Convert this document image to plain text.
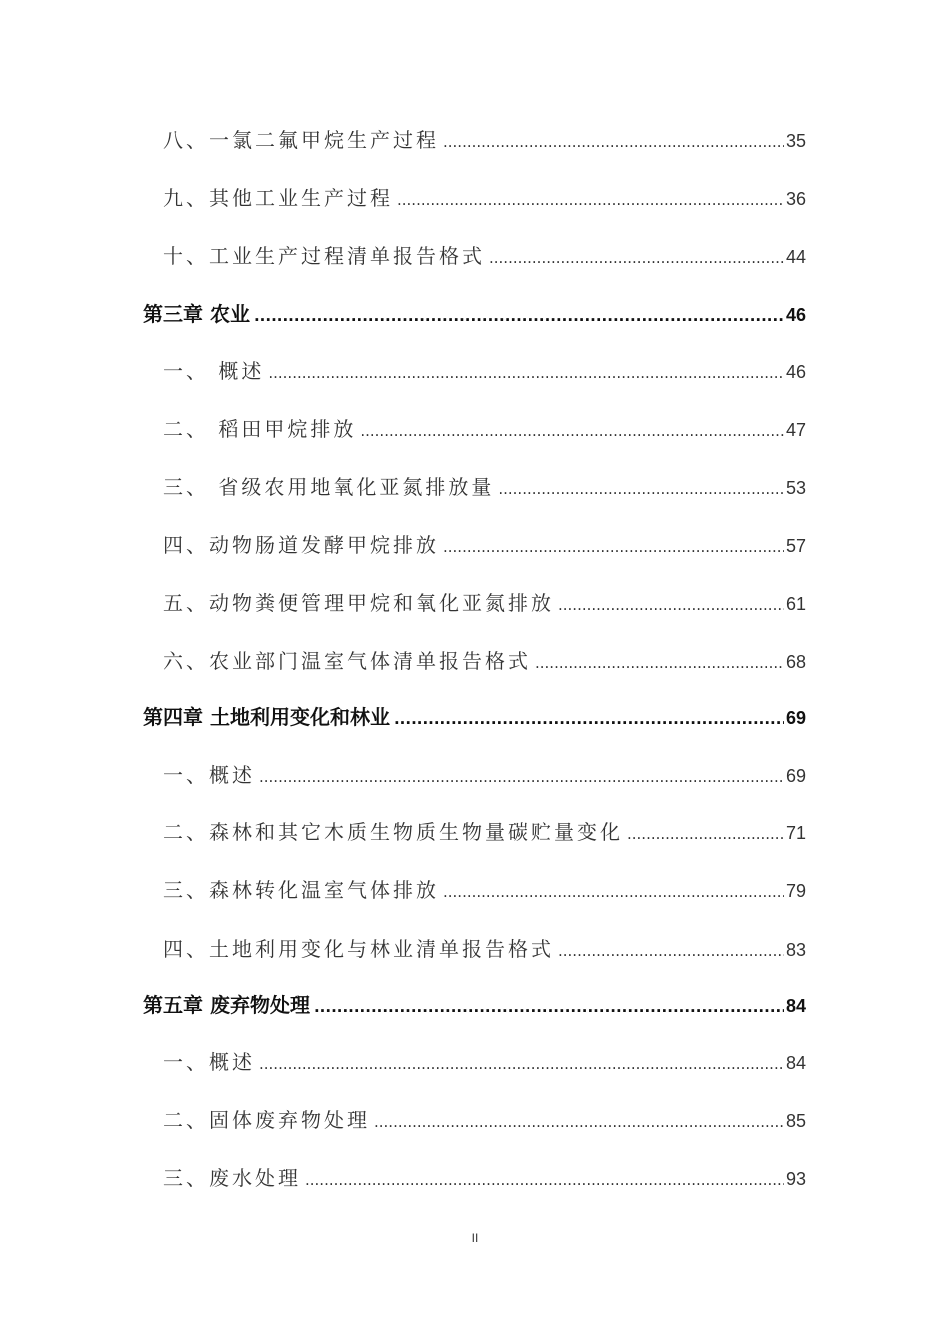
八、一氯二氟甲烷生产过程 .....	35
九、其他工业生产过程 .....	36
十、工业生产过程清单报告格式 .....	44
第三章 农业 .....	46
一、 概述 .....	46
二、 稻田甲烷排放 .....	47
三、 省级农用地氧化亚氮排放量 .....	53
四、动物肠道发酵甲烷排放 .....	57
五、动物粪便管理甲烷和氧化亚氮排放 .....	61
六、农业部门温室气体清单报告格式 .....	68
第四章 土地利用变化和林业 .....	69
一、概述 .....	69
二、森林和其它木质生物质生物量碳贮量变化 .....	71
三、森林转化温室气体排放 .....	79
四、土地利用变化与林业清单报告格式 .....	83
第五章 废弃物处理 .....	84
一、概述 .....	84
二、固体废弃物处理 .....	85
三、废水处理 .....	93
II
